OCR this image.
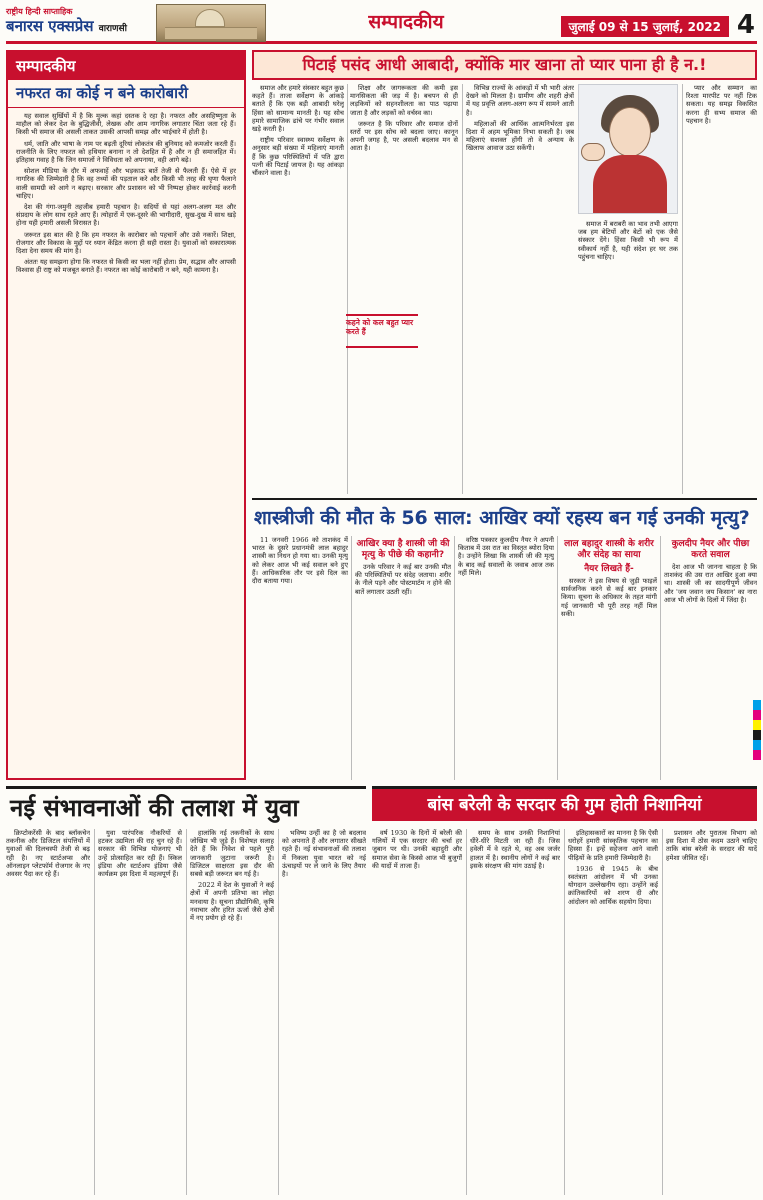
राष्ट्रीय हिन्दी साप्ताहिक
बनारस एक्सप्रेस वाराणसी	सम्पादकीय	जुलाई 09 से 15 जुलाई, 2022 4
सम्पादकीय
नफरत का कोई न बने कारोबारी

यह सवाल सुर्खियों में है कि मुल्क कहां दस्तक दे रहा है। नफरत और असहिष्णुता के माहौल को लेकर देश के बुद्धिजीवी, लेखक और आम नागरिक लगातार चिंता जता रहे हैं। किसी भी समाज की असली ताकत उसकी आपसी समझ और भाईचारे में होती है।

धर्म, जाति और भाषा के नाम पर बढ़ती दूरियां लोकतंत्र की बुनियाद को कमजोर करती हैं। राजनीति के लिए नफरत को हथियार बनाना न तो देशहित में है और न ही समाजहित में। इतिहास गवाह है कि जिन समाजों ने विविधता को अपनाया, वही आगे बढ़े।

सोशल मीडिया के दौर में अफवाहें और भड़काऊ बातें तेजी से फैलती हैं। ऐसे में हर नागरिक की जिम्मेदारी है कि वह तथ्यों की पड़ताल करे और किसी भी तरह की घृणा फैलाने वाली सामग्री को आगे न बढ़ाए। सरकार और प्रशासन को भी निष्पक्ष होकर कार्रवाई करनी चाहिए।

देश की गंगा-जमुनी तहजीब हमारी पहचान है। सदियों से यहां अलग-अलग मत और संप्रदाय के लोग साथ रहते आए हैं। त्योहारों में एक-दूसरे की भागीदारी, सुख-दुख में साथ खड़े होना यही हमारी असली विरासत है।

जरूरत इस बात की है कि हम नफरत के कारोबार को पहचानें और उसे नकारें। शिक्षा, रोजगार और विकास के मुद्दों पर ध्यान केंद्रित करना ही सही रास्ता है। युवाओं को सकारात्मक दिशा देना समय की मांग है।

अंततः यह समझना होगा कि नफरत से किसी का भला नहीं होता। प्रेम, सद्भाव और आपसी विश्वास ही राष्ट्र को मजबूत बनाते हैं। नफरत का कोई कारोबारी न बने, यही कामना है।

पिटाई पसंद आधी आबादी, क्योंकि मार खाना तो प्यार पाना ही है न.!

समाज और हमारे संस्कार बहुत कुछ कहते हैं। ताजा सर्वेक्षण के आंकड़े बताते हैं कि एक बड़ी आबादी घरेलू हिंसा को सामान्य मानती है। यह सोच हमारे सामाजिक ढांचे पर गंभीर सवाल खड़े करती है।

राष्ट्रीय परिवार स्वास्थ्य सर्वेक्षण के अनुसार बड़ी संख्या में महिलाएं मानती हैं कि कुछ परिस्थितियों में पति द्वारा पत्नी की पिटाई जायज है। यह आंकड़ा चौंकाने वाला है।

शिक्षा और जागरूकता की कमी इस मानसिकता की जड़ में है। बचपन से ही लड़कियों को सहनशीलता का पाठ पढ़ाया जाता है और लड़कों को वर्चस्व का।

जरूरत है कि परिवार और समाज दोनों स्तरों पर इस सोच को बदला जाए। कानून अपनी जगह है, पर असली बदलाव मन से आता है।

कहने को कल बहुत प्यार करते हैं

विभिन्न राज्यों के आंकड़ों में भी भारी अंतर देखने को मिलता है। ग्रामीण और शहरी क्षेत्रों में यह प्रवृत्ति अलग-अलग रूप में सामने आती है।

महिलाओं की आर्थिक आत्मनिर्भरता इस दिशा में अहम भूमिका निभा सकती है। जब महिलाएं सशक्त होंगी तो वे अन्याय के खिलाफ आवाज उठा सकेंगी।

समाज में बराबरी का भाव तभी आएगा जब हम बेटियों और बेटों को एक जैसे संस्कार देंगे। हिंसा किसी भी रूप में स्वीकार्य नहीं है, यही संदेश हर घर तक पहुंचना चाहिए।

प्यार और सम्मान का रिश्ता मारपीट पर नहीं टिक सकता। यह समझ विकसित करना ही सभ्य समाज की पहचान है।

शास्त्रीजी की मौत के 56 साल: आखिर क्यों रहस्य बन गई उनकी मृत्यु?

11 जनवरी 1966 को ताशकंद में भारत के दूसरे प्रधानमंत्री लाल बहादुर शास्त्री का निधन हो गया था। उनकी मृत्यु को लेकर आज भी कई सवाल बने हुए हैं। आधिकारिक तौर पर इसे दिल का दौरा बताया गया।

आखिर क्या है शास्त्री जी की मृत्यु के पीछे की कहानी?

उनके परिवार ने कई बार उनकी मौत की परिस्थितियों पर संदेह जताया। शरीर के नीले पड़ने और पोस्टमार्टम न होने की बातें लगातार उठती रहीं।

वरिष्ठ पत्रकार कुलदीप नैयर ने अपनी किताब में उस रात का विस्तृत ब्योरा दिया है। उन्होंने लिखा कि शास्त्री जी की मृत्यु के बाद कई सवालों के जवाब आज तक नहीं मिले।

लाल बहादुर शास्त्री के शरीर और संदेह का साया
नैयर लिखते हैं-

सरकार ने इस विषय से जुड़ी फाइलें सार्वजनिक करने से कई बार इनकार किया। सूचना के अधिकार के तहत मांगी गई जानकारी भी पूरी तरह नहीं मिल सकी।

कुलदीप नैयर और पीछा करते सवाल

देश आज भी जानना चाहता है कि ताशकंद की उस रात आखिर हुआ क्या था। शास्त्री जी का सादगीपूर्ण जीवन और 'जय जवान जय किसान' का नारा आज भी लोगों के दिलों में जिंदा है।

नई संभावनाओं की तलाश में युवा

क्रिप्टोकरेंसी के बाद ब्लॉकचेन तकनीक और डिजिटल संपत्तियों में युवाओं की दिलचस्पी तेजी से बढ़ रही है। नए स्टार्टअप्स और ऑनलाइन प्लेटफॉर्म रोजगार के नए अवसर पैदा कर रहे हैं।

युवा पारंपरिक नौकरियों से हटकर उद्यमिता की राह चुन रहे हैं। सरकार की विभिन्न योजनाएं भी उन्हें प्रोत्साहित कर रही हैं। स्किल इंडिया और स्टार्टअप इंडिया जैसे कार्यक्रम इस दिशा में महत्वपूर्ण हैं।

हालांकि नई तकनीकों के साथ जोखिम भी जुड़े हैं। विशेषज्ञ सलाह देते हैं कि निवेश से पहले पूरी जानकारी जुटाना जरूरी है। डिजिटल साक्षरता इस दौर की सबसे बड़ी जरूरत बन गई है।

2022 में देश के युवाओं ने कई क्षेत्रों में अपनी प्रतिभा का लोहा मनवाया है। सूचना प्रौद्योगिकी, कृषि नवाचार और हरित ऊर्जा जैसे क्षेत्रों में नए प्रयोग हो रहे हैं।

भविष्य उन्हीं का है जो बदलाव को अपनाते हैं और लगातार सीखते रहते हैं। नई संभावनाओं की तलाश में निकला युवा भारत को नई ऊंचाइयों पर ले जाने के लिए तैयार है।

बांस बरेली के सरदार की गुम होती निशानियां

वर्ष 1930 के दिनों में बरेली की गलियों में एक सरदार की चर्चा हर जुबान पर थी। उनकी बहादुरी और समाज सेवा के किस्से आज भी बुजुर्गों की यादों में ताजा हैं।

समय के साथ उनकी निशानियां धीरे-धीरे मिटती जा रही हैं। जिस हवेली में वे रहते थे, वह अब जर्जर हालत में है। स्थानीय लोगों ने कई बार इसके संरक्षण की मांग उठाई है।

इतिहासकारों का मानना है कि ऐसी धरोहरें हमारी सांस्कृतिक पहचान का हिस्सा हैं। इन्हें सहेजना आने वाली पीढ़ियों के प्रति हमारी जिम्मेदारी है।

1936 से 1945 के बीच स्वतंत्रता आंदोलन में भी उनका योगदान उल्लेखनीय रहा। उन्होंने कई क्रांतिकारियों को शरण दी और आंदोलन को आर्थिक सहयोग दिया।

प्रशासन और पुरातत्व विभाग को इस दिशा में ठोस कदम उठाने चाहिए ताकि बांस बरेली के सरदार की यादें हमेशा जीवित रहें।
